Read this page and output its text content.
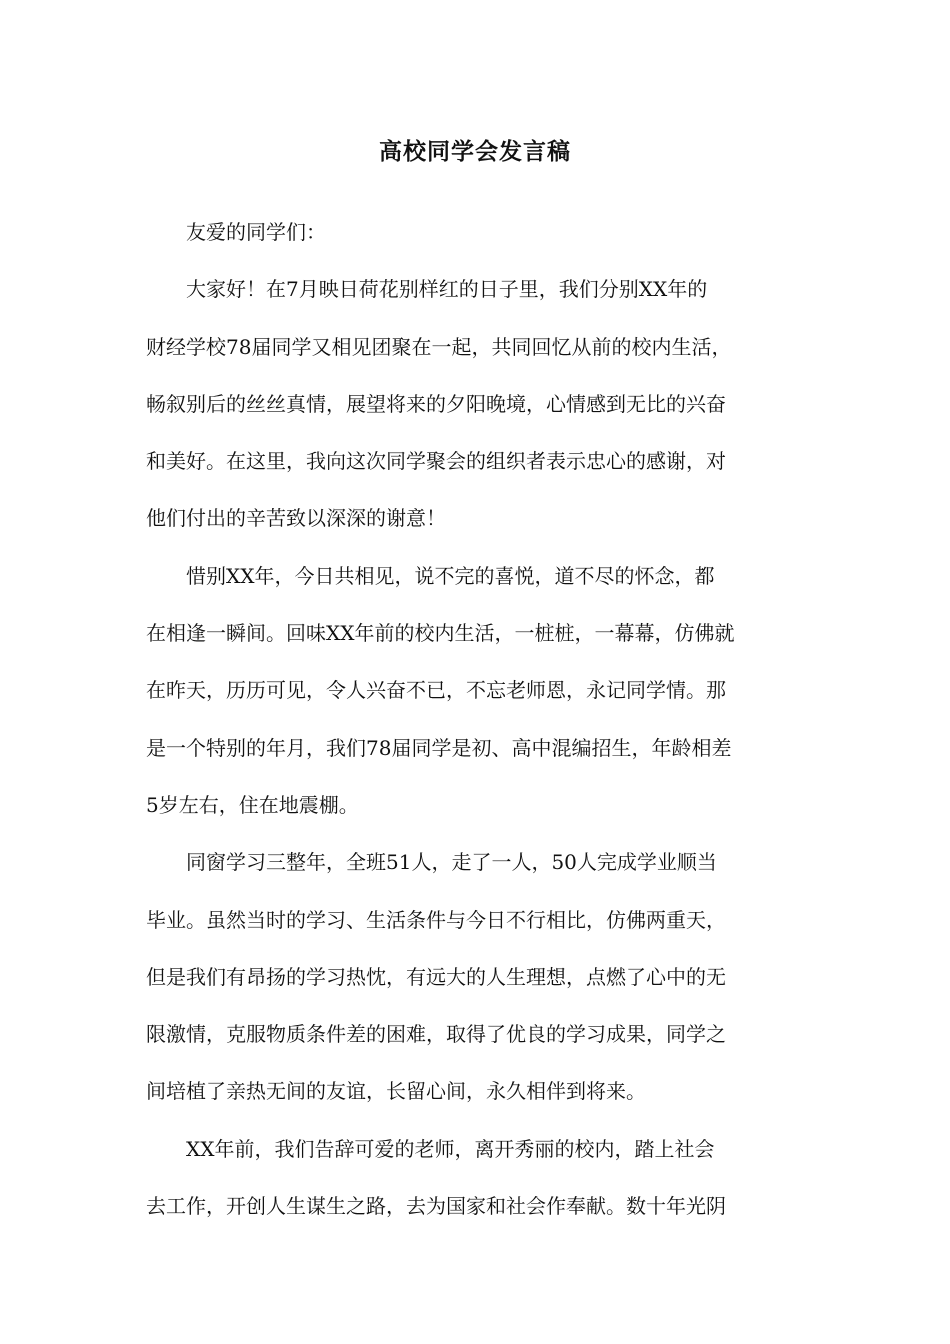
高校同学会发言稿

友爱的同学们：

大家好！在7月映日荷花别样红的日子里，我们分别XX年的

财经学校78届同学又相见团聚在一起，共同回忆从前的校内生活，

畅叙别后的丝丝真情，展望将来的夕阳晚境，心情感到无比的兴奋

和美好。在这里，我向这次同学聚会的组织者表示忠心的感谢，对

他们付出的辛苦致以深深的谢意！

惜别XX年，今日共相见，说不完的喜悦，道不尽的怀念，都

在相逢一瞬间。回味XX年前的校内生活，一桩桩，一幕幕，仿佛就

在昨天，历历可见，令人兴奋不已，不忘老师恩，永记同学情。那

是一个特别的年月，我们78届同学是初、高中混编招生，年龄相差

5岁左右，住在地震棚。

同窗学习三整年，全班51人，走了一人，50人完成学业顺当

毕业。虽然当时的学习、生活条件与今日不行相比，仿佛两重天，

但是我们有昂扬的学习热忱，有远大的人生理想，点燃了心中的无

限激情，克服物质条件差的困难，取得了优良的学习成果，同学之

间培植了亲热无间的友谊，长留心间，永久相伴到将来。

XX年前，我们告辞可爱的老师，离开秀丽的校内，踏上社会

去工作，开创人生谋生之路，去为国家和社会作奉献。数十年光阴
